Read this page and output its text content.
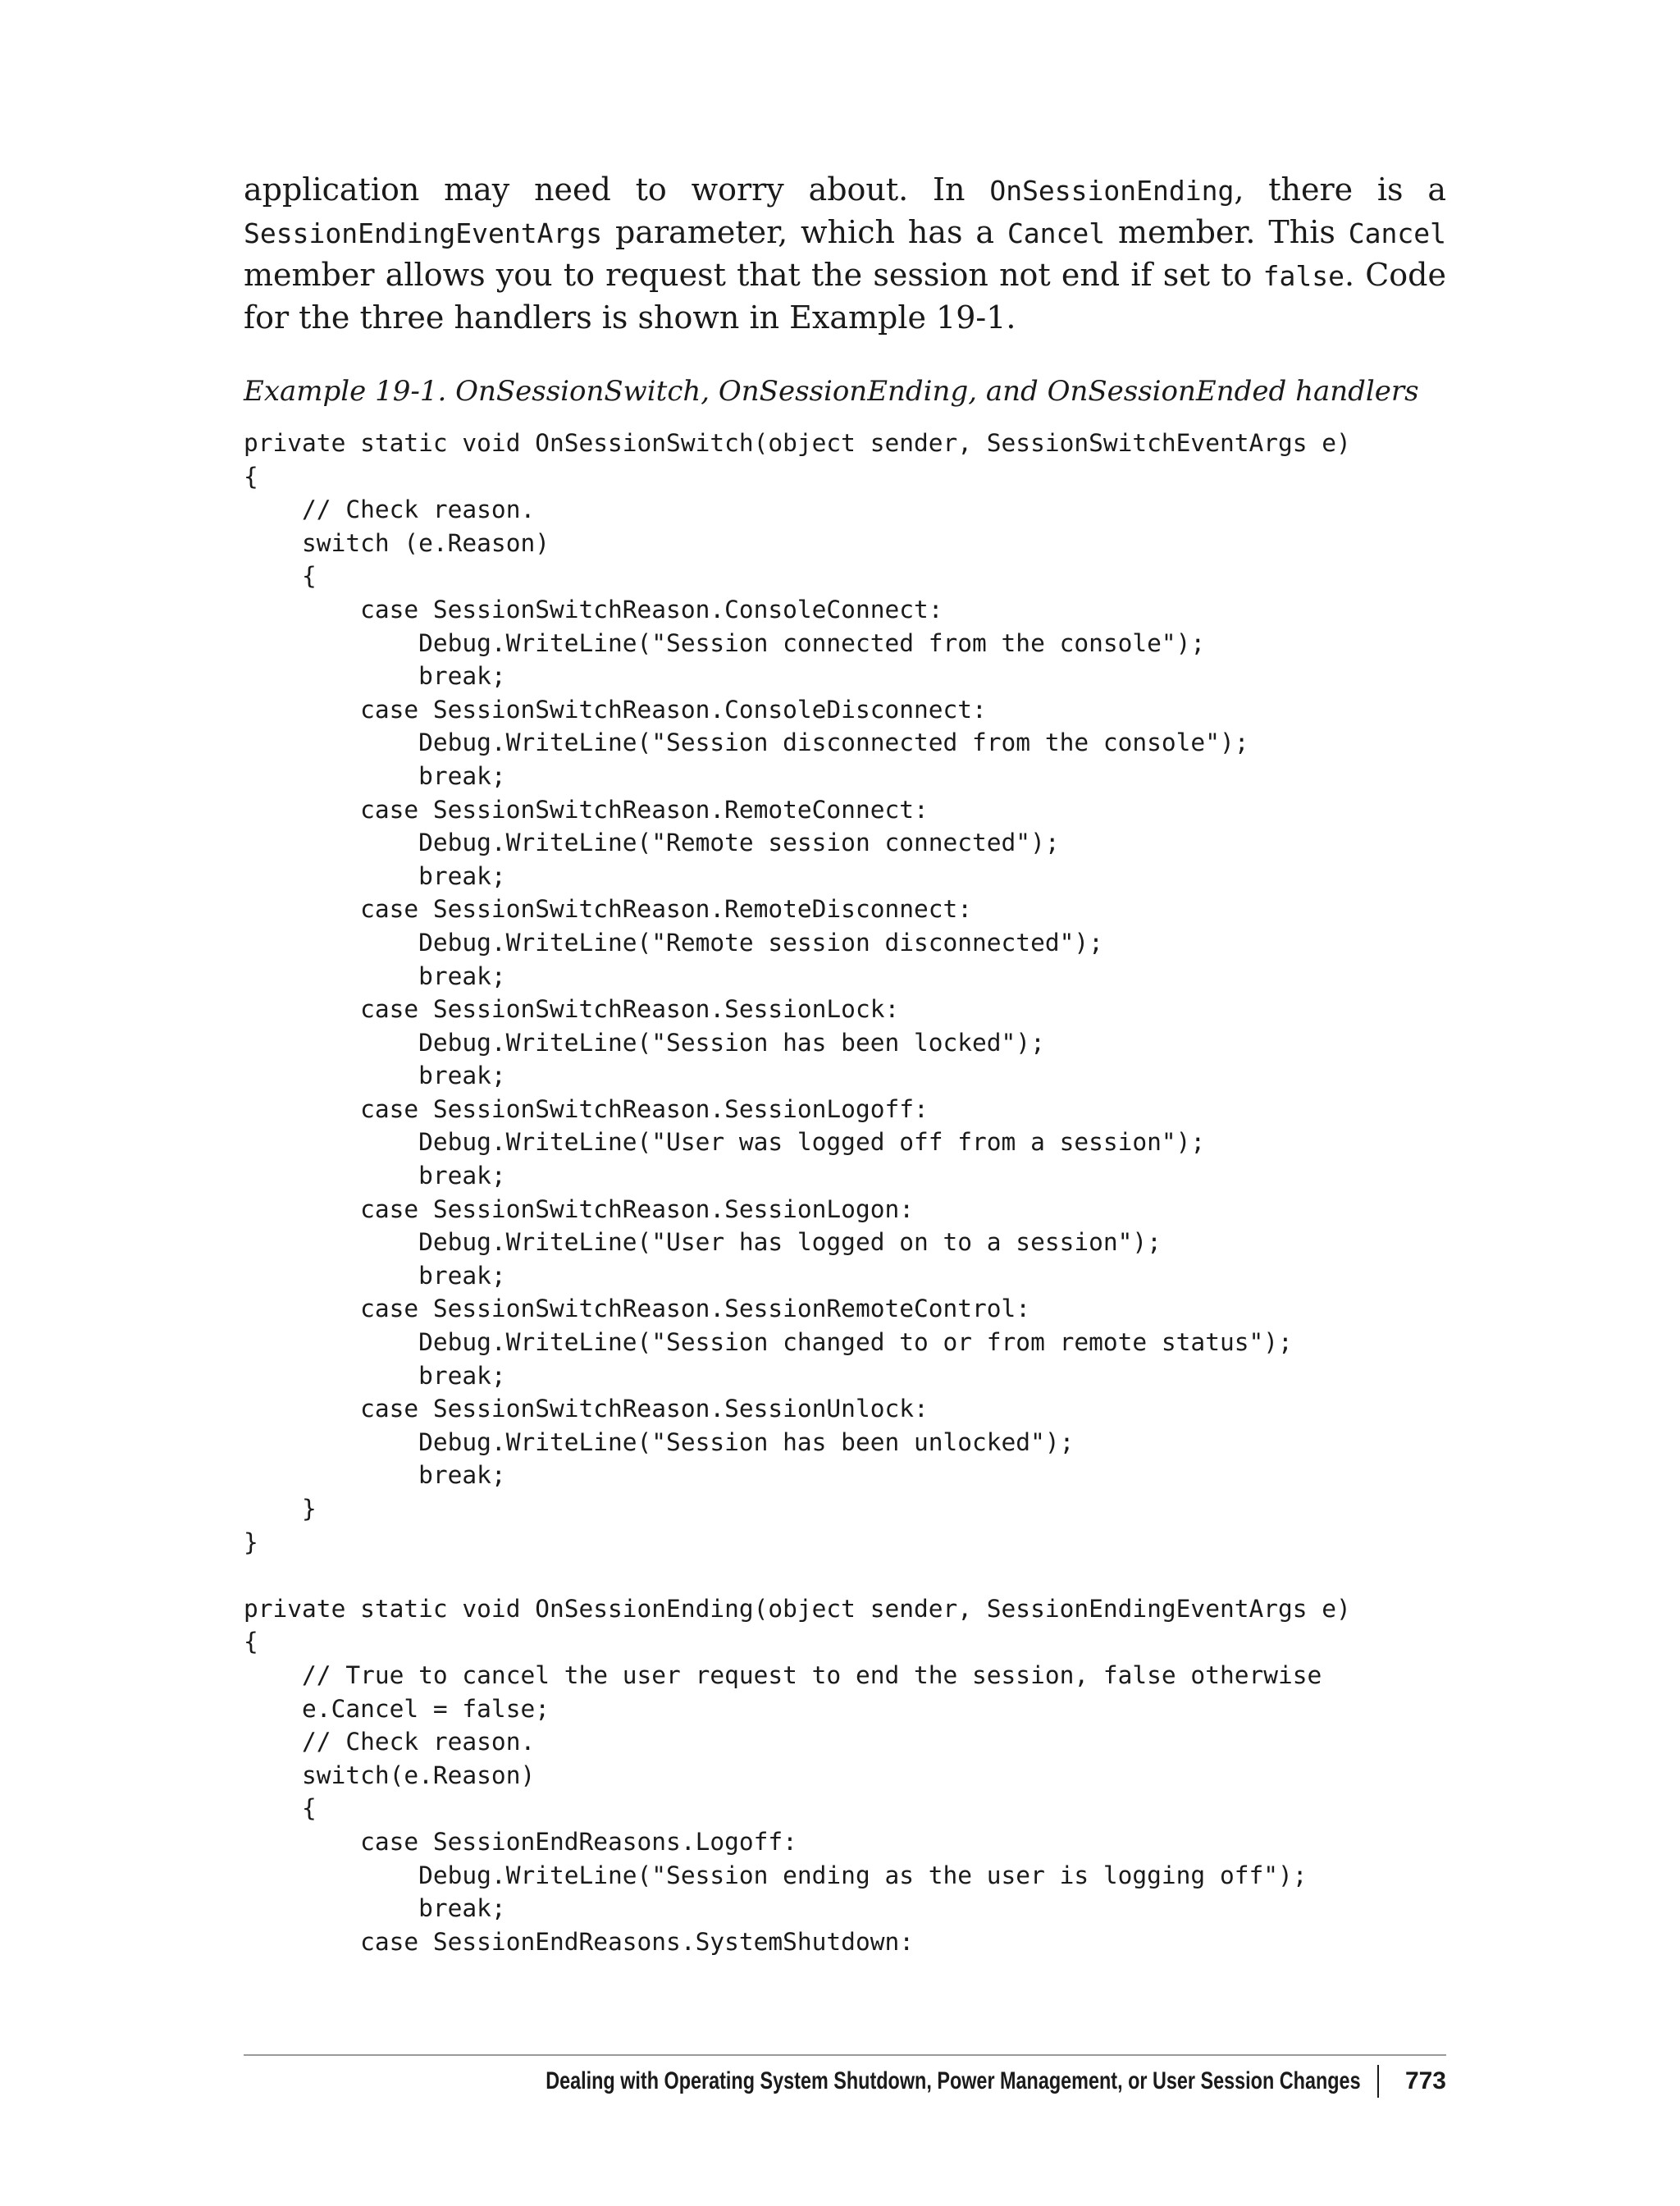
application may need to worry about. In OnSessionEnding, there is a SessionEndingEventArgs parameter, which has a Cancel member. This Cancel member allows you to request that the session not end if set to false. Code for the three handlers is shown in Example 19-1.

Example 19-1. OnSessionSwitch, OnSessionEnding, and OnSessionEnded handlers

private static void OnSessionSwitch(object sender, SessionSwitchEventArgs e)
{
// Check reason.
switch (e.Reason)
{
case SessionSwitchReason.ConsoleConnect:
Debug.WriteLine("Session connected from the console");
break;
case SessionSwitchReason.ConsoleDisconnect:
Debug.WriteLine("Session disconnected from the console");
break;
case SessionSwitchReason.RemoteConnect:
Debug.WriteLine("Remote session connected");
break;
case SessionSwitchReason.RemoteDisconnect:
Debug.WriteLine("Remote session disconnected");
break;
case SessionSwitchReason.SessionLock:
Debug.WriteLine("Session has been locked");
break;
case SessionSwitchReason.SessionLogoff:
Debug.WriteLine("User was logged off from a session");
break;
case SessionSwitchReason.SessionLogon:
Debug.WriteLine("User has logged on to a session");
break;
case SessionSwitchReason.SessionRemoteControl:
Debug.WriteLine("Session changed to or from remote status");
break;
case SessionSwitchReason.SessionUnlock:
Debug.WriteLine("Session has been unlocked");
break;
}
}
private static void OnSessionEnding(object sender, SessionEndingEventArgs e)
{
// True to cancel the user request to end the session, false otherwise
e.Cancel = false;
// Check reason.
switch(e.Reason)
{
case SessionEndReasons.Logoff:
Debug.WriteLine("Session ending as the user is logging off");
break;
case SessionEndReasons.SystemShutdown:
Dealing with Operating System Shutdown, Power Management, or User Session Changes 773
